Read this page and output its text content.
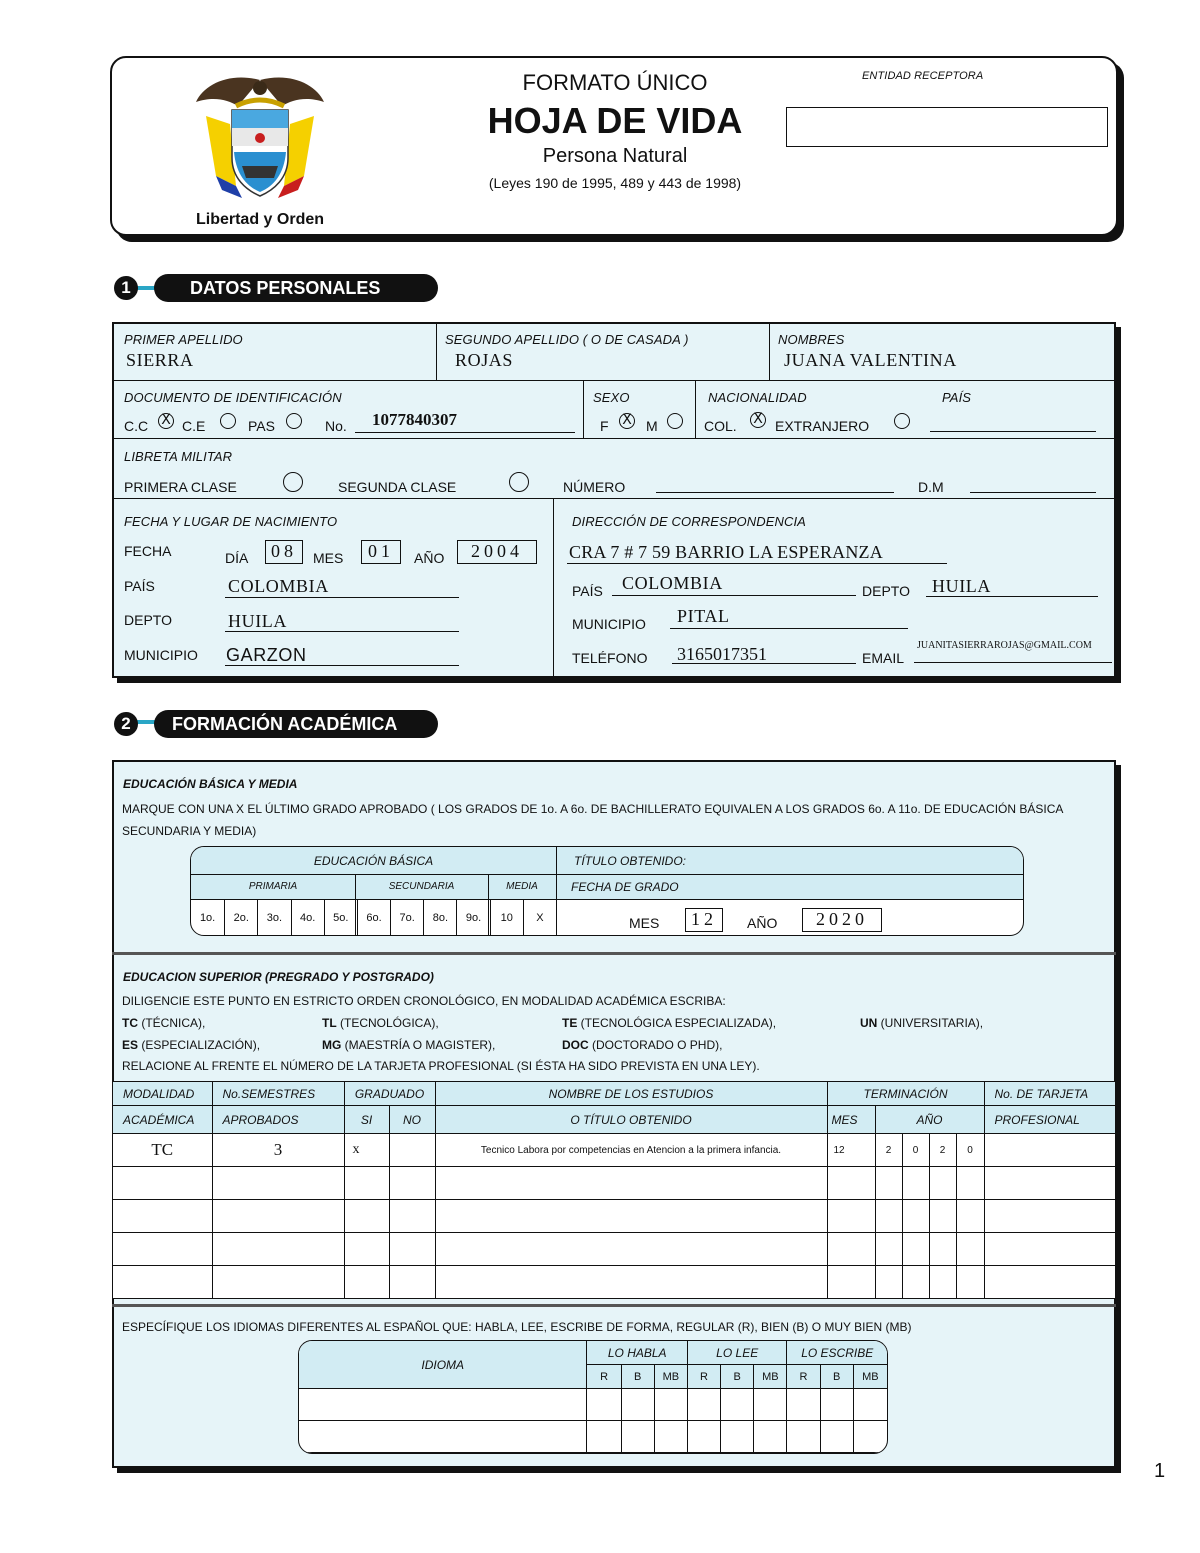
Libertad y Orden
FORMATO ÚNICO
HOJA DE VIDA
Persona Natural
(Leyes 190 de 1995, 489 y 443 de 1998)
ENTIDAD RECEPTORA
1	DATOS PERSONALES
PRIMER APELLIDO
SIERRA
SEGUNDO APELLIDO ( O DE CASADA )
ROJAS
NOMBRES
JUANA VALENTINA
DOCUMENTO DE IDENTIFICACIÓN
C.C X C.E	PAS	No. 1077840307
SEXO
F X	M
NACIONALIDAD	PAÍS
COL. X	EXTRANJERO
LIBRETA MILITAR
PRIMERA CLASE	SEGUNDA CLASE	NÚMERO	D.M
FECHA Y LUGAR DE NACIMIENTO
FECHA	DÍA	08	MES	01	AÑO	2004
PAÍS	COLOMBIA
DEPTO	HUILA
MUNICIPIO GARZON
DIRECCIÓN DE CORRESPONDENCIA
CRA 7 # 7 59 BARRIO LA ESPERANZA
PAÍS COLOMBIA	DEPTO HUILA
MUNICIPIO PITAL
TELÉFONO 3165017351	EMAIL
JUANITASIERRAROJAS@GMAIL.COM
2	FORMACIÓN ACADÉMICA
EDUCACIÓN BÁSICA Y MEDIA
MARQUE CON UNA X EL ÚLTIMO GRADO APROBADO ( LOS GRADOS DE 1o. A 6o. DE BACHILLERATO EQUIVALEN A LOS GRADOS 6o. A 11o. DE EDUCACIÓN BÁSICA SECUNDARIA Y MEDIA)
EDUCACIÓN BÁSICA	TÍTULO OBTENIDO:
PRIMARIA	SECUNDARIA	MEDIA	FECHA DE GRADO
1o.	2o.	3o.	4o.	5o.	6o.	7o.	8o.	9o.	10	X	MES	12	AÑO	2020
EDUCACION SUPERIOR (PREGRADO Y POSTGRADO)
DILIGENCIE ESTE PUNTO EN ESTRICTO ORDEN CRONOLÓGICO, EN MODALIDAD ACADÉMICA ESCRIBA:
TC (TÉCNICA),	TL (TECNOLÓGICA),	TE (TECNOLÓGICA ESPECIALIZADA),	UN (UNIVERSITARIA),
ES (ESPECIALIZACIÓN),	MG (MAESTRÍA O MAGISTER),	DOC (DOCTORADO O PHD),
RELACIONE AL FRENTE EL NÚMERO DE LA TARJETA PROFESIONAL (SI ÉSTA HA SIDO PREVISTA EN UNA LEY).
MODALIDAD	No.SEMESTRES	GRADUADO		NOMBRE DE LOS ESTUDIOS	TERMINACIÓN					No. DE TARJETA
ACADÉMICA	APROBADOS	SI	NO	O TÍTULO OBTENIDO	MES	AÑO				PROFESIONAL
TC	3	x		Tecnico Labora por competencias en Atencion a la primera infancia.	12	2	0	2	0	

ESPECÍFIQUE LOS IDIOMAS DIFERENTES AL ESPAÑOL QUE: HABLA, LEE, ESCRIBE DE FORMA, REGULAR (R), BIEN (B) O MUY BIEN (MB)
IDIOMA	LO HABLA			LO LEE			LO ESCRIBE		
	R	B	MB	R	B	MB	R	B	MB

1
